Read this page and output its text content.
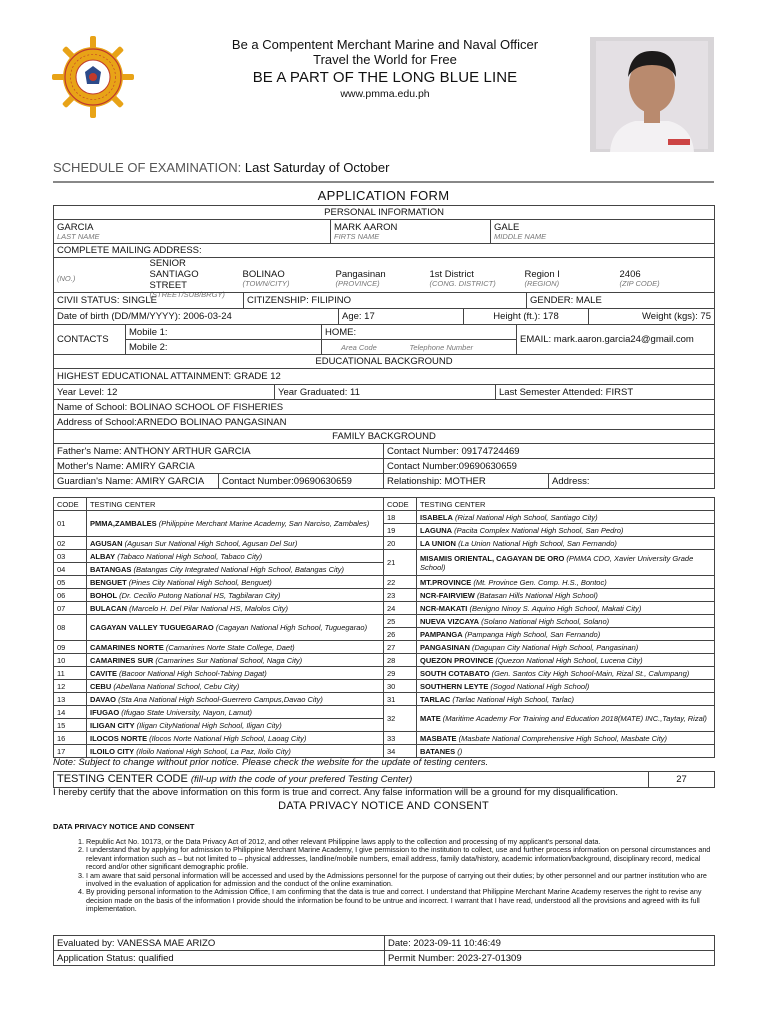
Be a Compentent Merchant Marine and Naval Officer
Travel the World for Free
BE A PART OF THE LONG BLUE LINE
www.pmma.edu.ph
SCHEDULE OF EXAMINATION: Last Saturday of October
APPLICATION FORM
PERSONAL INFORMATION
GARCIA
LAST NAME
	MARK AARON
FIRTS NAME
	GALE
MIDDLE NAME

COMPLETE MAILING ADDRESS:
(NO.)
	SENIOR SANTIAGO STREET
(STREET/SUB/BRGY)
	BOLINAO
(TOWN/CITY)
	Pangasinan
(PROVINCE)
	1st District
(CONG. DISTRICT)
	Region I
(REGION)
	2406
(ZIP CODE)
CIVII STATUS: SINGLE	CITIZENSHIP: FILIPINO	GENDER: MALE
Date of birth (DD/MM/YYYY): 2006-03-24	Age: 17	Height (ft.): 178	Weight (kgs): 75
CONTACTS	Mobile 1:	HOME:	EMAIL: mark.aaron.garcia24@gmail.com
	Mobile 2:	Area Code Telephone Number	
EDUCATIONAL BACKGROUND
HIGHEST EDUCATIONAL ATTAINMENT: GRADE 12
Year Level: 12	Year Graduated: 11	Last Semester Attended: FIRST
Name of School: BOLINAO SCHOOL OF FISHERIES
Address of School:ARNEDO BOLINAO PANGASINAN
FAMILY BACKGROUND
Father's Name: ANTHONY ARTHUR GARCIA		Contact Number: 09174724469	
Mother's Name: AMIRY GARCIA		Contact Number:09690630659	
Guardian's Name: AMIRY GARCIA	Contact Number:09690630659	Relationship: MOTHER	Address:
CODE	TESTING CENTER	CODE	TESTING CENTER
01	PMMA,ZAMBALES (Philippine Merchant Marine Academy, San Narciso, Zambales)	18	ISABELA (Rizal National High School, Santiago City)
		19	LAGUNA (Pacita Complex National High School, San Pedro)
02	AGUSAN (Agusan Sur National High School, Agusan Del Sur)	20	LA UNION (La Union National High School, San Fernando)
03	ALBAY (Tabaco National High School, Tabaco City)	21	MISAMIS ORIENTAL, CAGAYAN DE ORO (PMMA CDO, Xavier University Grade School)
04	BATANGAS (Batangas City Integrated National High School, Batangas City)		
05	BENGUET (Pines City National High School, Benguet)	22	MT.PROVINCE (Mt. Province Gen. Comp. H.S., Bontoc)
06	BOHOL (Dr. Cecilio Putong National HS, Tagbilaran City)	23	NCR-FAIRVIEW (Batasan Hills National High School)
07	BULACAN (Marcelo H. Del Pilar National HS, Malolos City)	24	NCR-MAKATI (Benigno Ninoy S. Aquino High School, Makati City)
08	CAGAYAN VALLEY TUGUEGARAO (Cagayan National High School, Tuguegarao)	25	NUEVA VIZCAYA (Solano National High School, Solano)
		26	PAMPANGA (Pampanga High School, San Fernando)
09	CAMARINES NORTE (Camarines Norte State College, Daet)	27	PANGASINAN (Dagupan City National High School, Pangasinan)
10	CAMARINES SUR (Camarines Sur National School, Naga City)	28	QUEZON PROVINCE (Quezon National High School, Lucena City)
11	CAVITE (Bacoor National High School-Tabing Dagat)	29	SOUTH COTABATO (Gen. Santos City High School-Main, Rizal St., Calumpang)
12	CEBU (Abellana National School, Cebu City)	30	SOUTHERN LEYTE (Sogod National High School)
13	DAVAO (Sta Ana National High School-Guerrero Campus,Davao City)	31	TARLAC (Tarlac National High School, Tarlac)
14	IFUGAO (Ifugao State University, Nayon, Lamut)	32	MATE (Maritime Academy For Training and Education 2018(MATE) INC.,Taytay, Rizal)
15	ILIGAN CITY (Iligan CityNational High School, Iligan City)		
16	ILOCOS NORTE (Ilocos Norte National High School, Laoag City)	33	MASBATE (Masbate National Comprehensive High School, Masbate City)
17	ILOILO CITY (Iloilo National High School, La Paz, Iloilo City)	34	BATANES ()
Note: Subject to change without prior notice. Please check the website for the update of testing centers.
TESTING CENTER CODE (fill-up with the code of your prefered Testing Center)	27
I hereby certify that the above information on this form is true and correct. Any false information will be a ground for my disqualification.
DATA PRIVACY NOTICE AND CONSENT
DATA PRIVACY NOTICE AND CONSENT
1. Republic Act No. 10173, or the Data Privacy Act of 2012, and other relevant Philippine laws apply to the collection and processing of my applicant's personal data.
2. I understand that by applying for admission to Philippine Merchant Marine Academy, I give permission to the institution to collect, use and further process information on personal circumstances and relevant information such as – but not limited to – physical addresses, landline/mobile numbers, email address, family data/history, academic information/background, disciplinary record, medical record and/or other significant demographic profile.
3. I am aware that said personal information will be accessed and used by the Admissions personnel for the purpose of carrying out their duties; by other personnel and our partner institution who are involved in the evaluation of application for admission and the conduct of the online examination.
4. By providing personal information to the Admission Office, I am confirming that the data is true and correct. I understand that Philippine Merchant Marine Academy reserves the right to revise any decision made on the basis of the information I provide should the information be found to be untrue and incorrect. I warrant that I have read, understood all the provisions and agreed with its full implementation.
Evaluated by: VANESSA MAE ARIZO	Date: 2023-09-11 10:46:49
Application Status: qualified	Permit Number: 2023-27-01309
